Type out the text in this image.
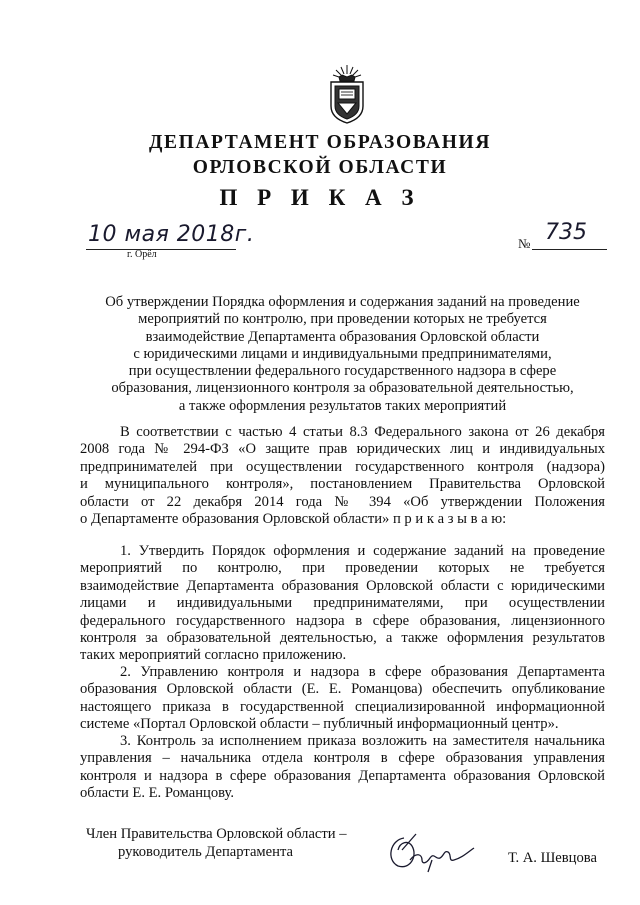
ДЕПАРТАМЕНТ ОБРАЗОВАНИЯ
ОРЛОВСКОЙ ОБЛАСТИ
П Р И К А З
10 мая 2018г.
г. Орёл
№ 735
Об утверждении Порядка оформления и содержания заданий на проведение
мероприятий по контролю, при проведении которых не требуется
взаимодействие Департамента образования Орловской области
с юридическими лицами и индивидуальными предпринимателями,
при осуществлении федерального государственного надзора в сфере
образования, лицензионного контроля за образовательной деятельностью,
а также оформления результатов таких мероприятий
В соответствии с частью 4 статьи 8.3 Федерального закона от 26 декабря
2008 года № 294-ФЗ «О защите прав юридических лиц и индивидуальных
предпринимателей при осуществлении государственного контроля (надзора)
и муниципального контроля», постановлением Правительства Орловской
области от 22 декабря 2014 года № 394 «Об утверждении Положения
о Департаменте образования Орловской области» п р и к а з ы в а ю:
1. Утвердить Порядок оформления и содержание заданий на проведение
мероприятий по контролю, при проведении которых не требуется
взаимодействие Департамента образования Орловской области с юридическими
лицами и индивидуальными предпринимателями, при осуществлении
федерального государственного надзора в сфере образования, лицензионного
контроля за образовательной деятельностью, а также оформления результатов
таких мероприятий согласно приложению.
2. Управлению контроля и надзора в сфере образования Департамента
образования Орловской области (Е. Е. Романцова) обеспечить опубликование
настоящего приказа в государственной специализированной информационной
системе «Портал Орловской области – публичный информационный центр».
3. Контроль за исполнением приказа возложить на заместителя начальника
управления – начальника отдела контроля в сфере образования управления
контроля и надзора в сфере образования Департамента образования Орловской
области Е. Е. Романцову.
Член Правительства Орловской области –
руководитель Департамента	Т. А. Шевцова
